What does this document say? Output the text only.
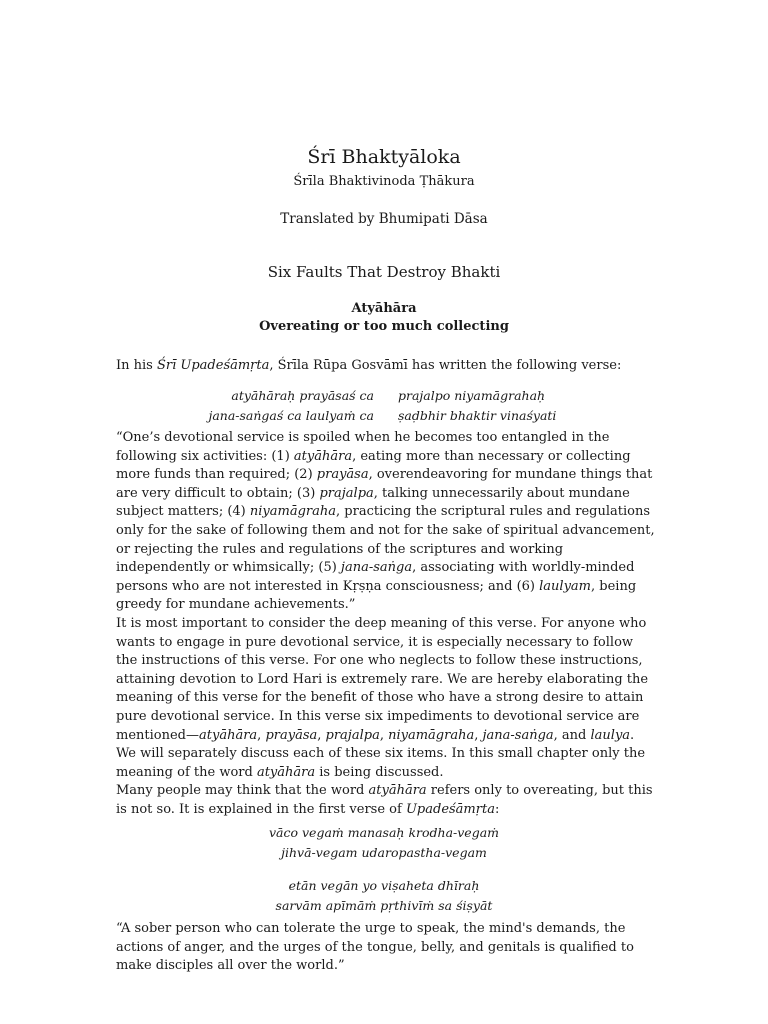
Śrī Bhaktyāloka
Śrīla Bhaktivinoda Ṭhākura
Translated by Bhumipati Dāsa
Six Faults That Destroy Bhakti
Atyāhāra
Overeating or too much collecting
In his Śrī Upadeśāmṛta, Śrīla Rūpa Gosvāmī has written the following verse:
atyāhāraḥ prayāsaś ca	prajalpo niyamāgrahaḥ
jana-saṅgaś ca laulyaṁ ca	ṣaḍbhir bhaktir vinaśyati

“One’s devotional service is spoiled when he becomes too entangled in the following six activities: (1) atyāhāra, eating more than necessary or collecting more funds than required; (2) prayāsa, overendeavoring for mundane things that are very difficult to obtain; (3) prajalpa, talking unnecessarily about mundane subject matters; (4) niyamāgraha, practicing the scriptural rules and regulations only for the sake of following them and not for the sake of spiritual advancement, or rejecting the rules and regulations of the scriptures and working independently or whimsically; (5) jana-saṅga, associating with worldly-minded persons who are not interested in Kṛṣṇa consciousness; and (6) laulyam, being greedy for mundane achievements.”

It is most important to consider the deep meaning of this verse. For anyone who wants to engage in pure devotional service, it is especially necessary to follow the instructions of this verse. For one who neglects to follow these instructions, attaining devotion to Lord Hari is extremely rare. We are hereby elaborating the meaning of this verse for the benefit of those who have a strong desire to attain pure devotional service. In this verse six impediments to devotional service are mentioned—atyāhāra, prayāsa, prajalpa, niyamāgraha, jana-saṅga, and laulya. We will separately discuss each of these six items. In this small chapter only the meaning of the word atyāhāra is being discussed.

Many people may think that the word atyāhāra refers only to overeating, but this is not so. It is explained in the first verse of Upadeśāmṛta:

vāco vegaṁ manasaḥ krodha-vegaṁ
jihvā-vegam udaropastha-vegam
etān vegān yo viṣaheta dhīraḥ
sarvām apīmāṁ pṛthivīṁ sa śiṣyāt

“A sober person who can tolerate the urge to speak, the mind's demands, the actions of anger, and the urges of the tongue, belly, and genitals is qualified to make disciples all over the world.”
